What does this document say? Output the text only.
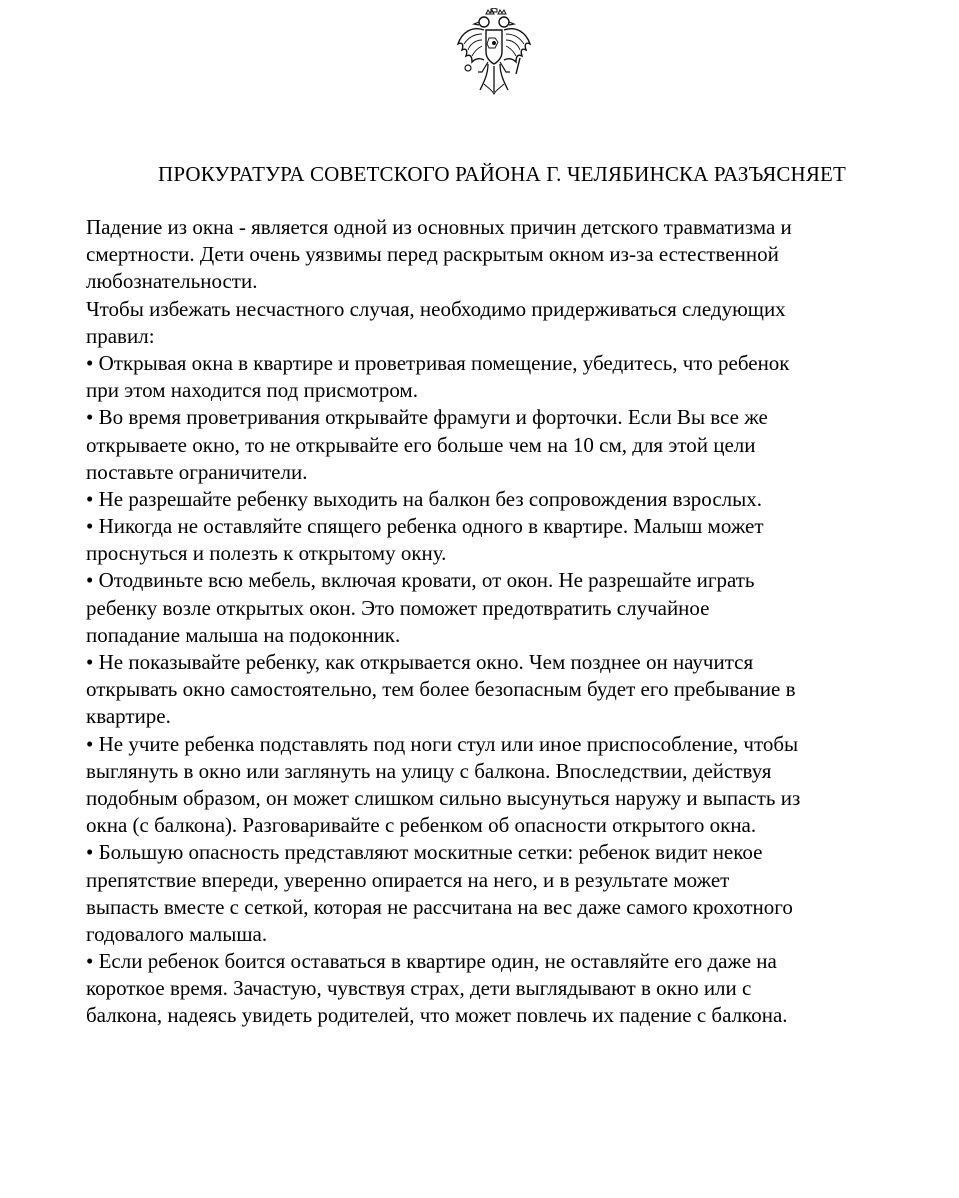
ПРОКУРАТУРА СОВЕТСКОГО РАЙОНА Г. ЧЕЛЯБИНСКА РАЗЪЯСНЯЕТ
Падение из окна - является одной из основных причин детского травматизма и
смертности. Дети очень уязвимы перед раскрытым окном из-за естественной
любознательности.
Чтобы избежать несчастного случая, необходимо придерживаться следующих
правил:
• Открывая окна в квартире и проветривая помещение, убедитесь, что ребенок
при этом находится под присмотром.
• Во время проветривания открывайте фрамуги и форточки. Если Вы все же
открываете окно, то не открывайте его больше чем на 10 см, для этой цели
поставьте ограничители.
• Не разрешайте ребенку выходить на балкон без сопровождения взрослых.
• Никогда не оставляйте спящего ребенка одного в квартире. Малыш может
проснуться и полезть к открытому окну.
• Отодвиньте всю мебель, включая кровати, от окон. Не разрешайте играть
ребенку возле открытых окон. Это поможет предотвратить случайное
попадание малыша на подоконник.
• Не показывайте ребенку, как открывается окно. Чем позднее он научится
открывать окно самостоятельно, тем более безопасным будет его пребывание в
квартире.
• Не учите ребенка подставлять под ноги стул или иное приспособление, чтобы
выглянуть в окно или заглянуть на улицу с балкона. Впоследствии, действуя
подобным образом, он может слишком сильно высунуться наружу и выпасть из
окна (с балкона). Разговаривайте с ребенком об опасности открытого окна.
• Большую опасность представляют москитные сетки: ребенок видит некое
препятствие впереди, уверенно опирается на него, и в результате может
выпасть вместе с сеткой, которая не рассчитана на вес даже самого крохотного
годовалого малыша.
• Если ребенок боится оставаться в квартире один, не оставляйте его даже на
короткое время. Зачастую, чувствуя страх, дети выглядывают в окно или с
балкона, надеясь увидеть родителей, что может повлечь их падение с балкона.
